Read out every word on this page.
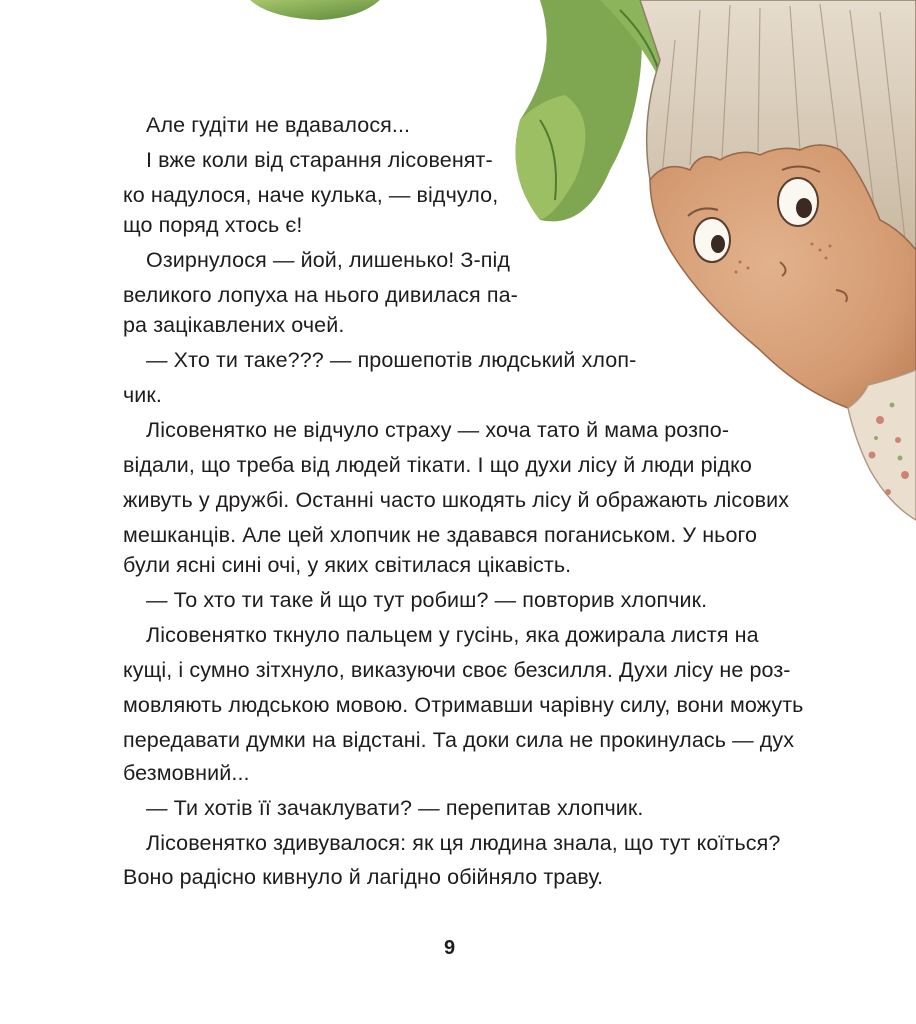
Але гудіти не вдавалося...
І вже коли від старання лісовенят-
ко надулося, наче кулька, — відчуло,
що поряд хтось є!
Озирнулося — йой, лишенько! З-під
великого лопуха на нього дивилася па-
ра зацікавлених очей.
— Хто ти таке??? — прошепотів людський хлоп-
чик.
Лісовенятко не відчуло страху — хоча тато й мама розпо-
відали, що треба від людей тікати. І що духи лісу й люди рідко
живуть у дружбі. Останні часто шкодять лісу й ображають лісових
мешканців. Але цей хлопчик не здавався поганиськом. У нього
були ясні сині очі, у яких світилася цікавість.
— То хто ти таке й що тут робиш? — повторив хлопчик.
Лісовенятко ткнуло пальцем у гусінь, яка дожирала листя на
кущі, і сумно зітхнуло, виказуючи своє безсилля. Духи лісу не роз-
мовляють людською мовою. Отримавши чарівну силу, вони можуть
передавати думки на відстані. Та доки сила не прокинулась — дух
безмовний...
— Ти хотів її зачаклувати? — перепитав хлопчик.
Лісовенятко здивувалося: як ця людина знала, що тут коїться?
Воно радісно кивнуло й лагідно обійняло траву.
9
